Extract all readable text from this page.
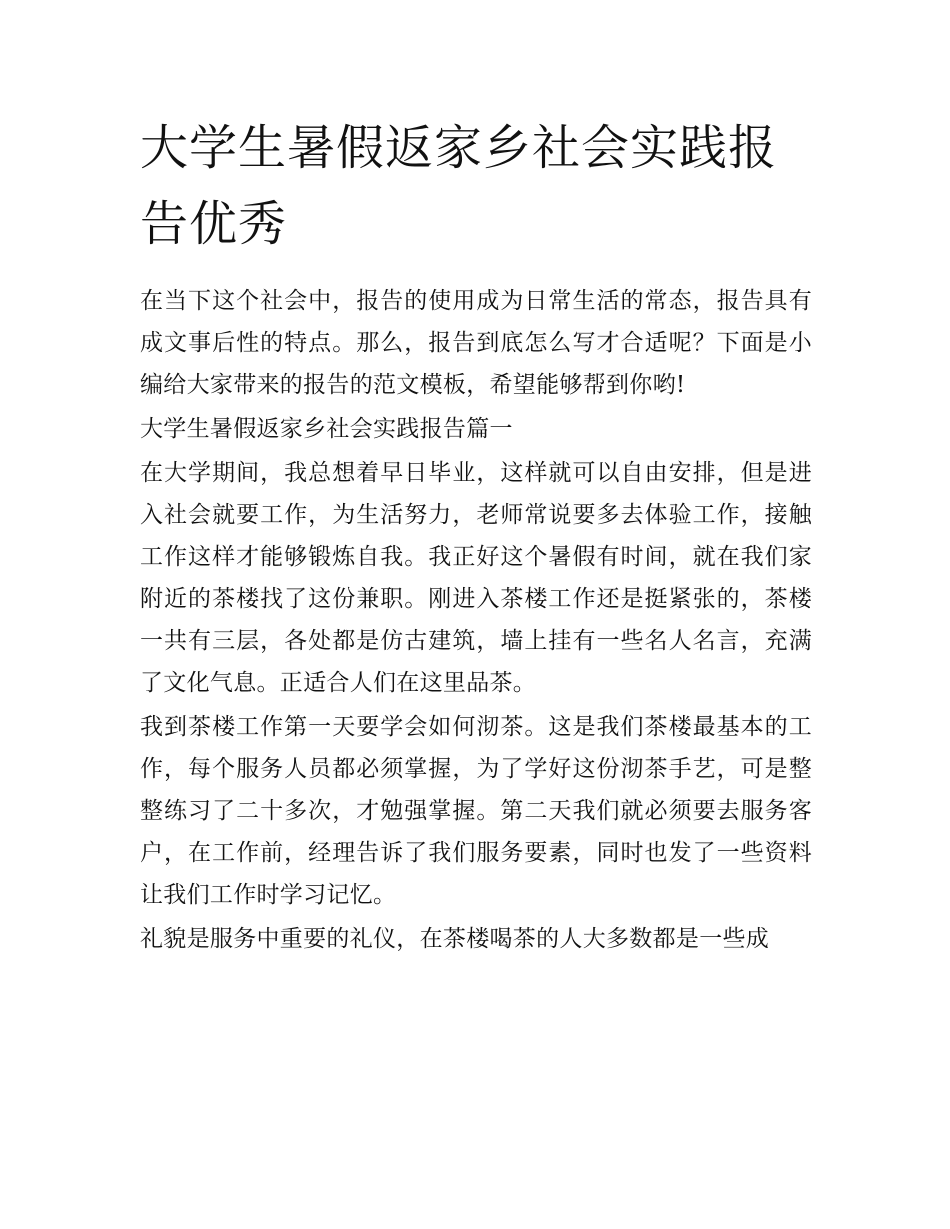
大学生暑假返家乡社会实践报告优秀

在当下这个社会中，报告的使用成为日常生活的常态，报告具有成文事后性的特点。那么，报告到底怎么写才合适呢？下面是小编给大家带来的报告的范文模板，希望能够帮到你哟!

大学生暑假返家乡社会实践报告篇一

在大学期间，我总想着早日毕业，这样就可以自由安排，但是进入社会就要工作，为生活努力，老师常说要多去体验工作，接触工作这样才能够锻炼自我。我正好这个暑假有时间，就在我们家附近的茶楼找了这份兼职。刚进入茶楼工作还是挺紧张的，茶楼一共有三层，各处都是仿古建筑，墙上挂有一些名人名言，充满了文化气息。正适合人们在这里品茶。

我到茶楼工作第一天要学会如何沏茶。这是我们茶楼最基本的工作，每个服务人员都必须掌握，为了学好这份沏茶手艺，可是整整练习了二十多次，才勉强掌握。第二天我们就必须要去服务客户，在工作前，经理告诉了我们服务要素，同时也发了一些资料让我们工作时学习记忆。

礼貌是服务中重要的礼仪，在茶楼喝茶的人大多数都是一些成
